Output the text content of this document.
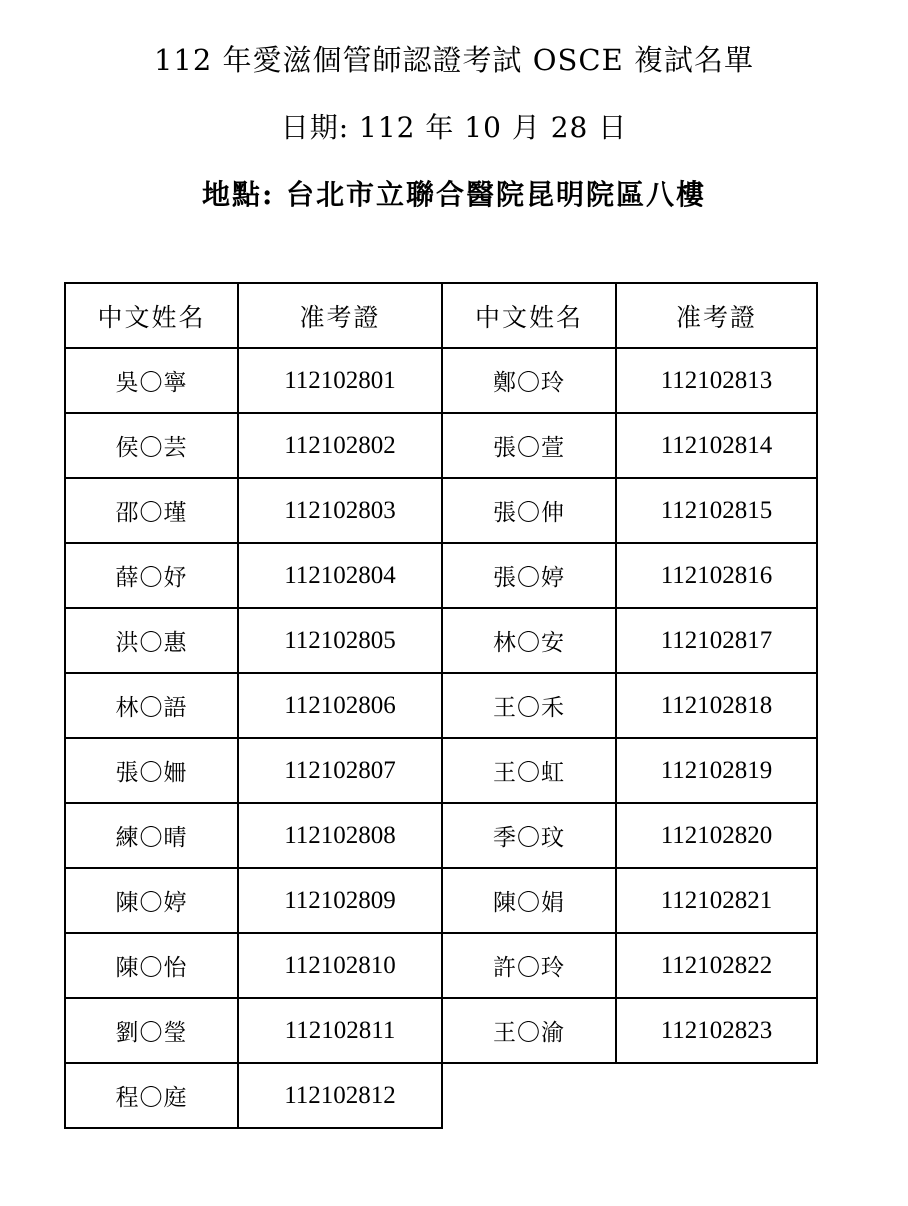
112 年愛滋個管師認證考試 OSCE 複試名單
日期: 112 年 10 月 28 日
地點: 台北市立聯合醫院昆明院區八樓
中文姓名	准考證	中文姓名	准考證
吳〇寧	112102801	鄭〇玲	112102813
侯〇芸	112102802	張〇萱	112102814
邵〇瑾	112102803	張〇伸	112102815
薛〇妤	112102804	張〇婷	112102816
洪〇惠	112102805	林〇安	112102817
林〇語	112102806	王〇禾	112102818
張〇姍	112102807	王〇虹	112102819
練〇晴	112102808	季〇玟	112102820
陳〇婷	112102809	陳〇娟	112102821
陳〇怡	112102810	許〇玲	112102822
劉〇瑩	112102811	王〇渝	112102823
程〇庭	112102812		
